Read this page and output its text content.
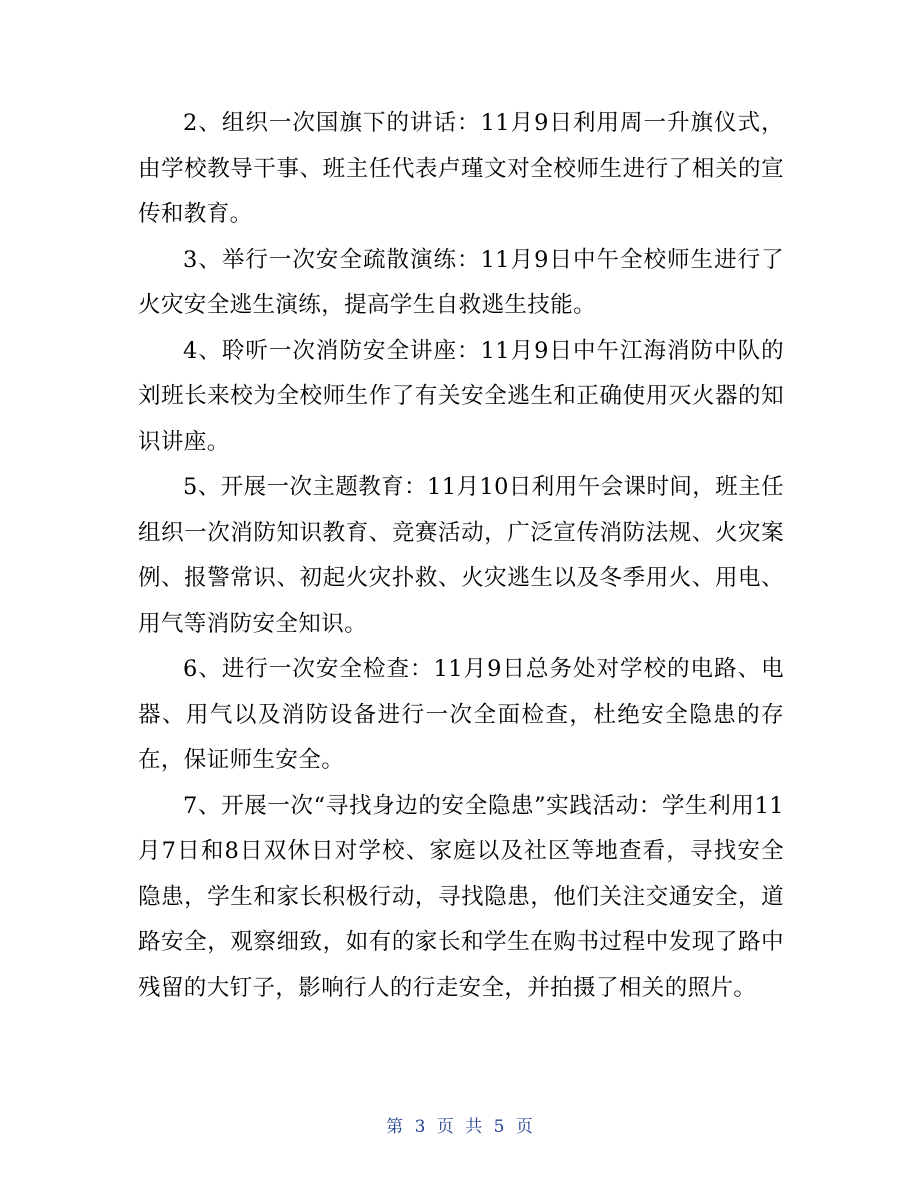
2、组织一次国旗下的讲话：11月9日利用周一升旗仪式，由学校教导干事、班主任代表卢瑾文对全校师生进行了相关的宣传和教育。

3、举行一次安全疏散演练：11月9日中午全校师生进行了火灾安全逃生演练，提高学生自救逃生技能。

4、聆听一次消防安全讲座：11月9日中午江海消防中队的刘班长来校为全校师生作了有关安全逃生和正确使用灭火器的知识讲座。

5、开展一次主题教育：11月10日利用午会课时间，班主任组织一次消防知识教育、竞赛活动，广泛宣传消防法规、火灾案例、报警常识、初起火灾扑救、火灾逃生以及冬季用火、用电、用气等消防安全知识。

6、进行一次安全检查：11月9日总务处对学校的电路、电器、用气以及消防设备进行一次全面检查，杜绝安全隐患的存在，保证师生安全。

7、开展一次“寻找身边的安全隐患”实践活动：学生利用11月7日和8日双休日对学校、家庭以及社区等地查看，寻找安全隐患，学生和家长积极行动，寻找隐患，他们关注交通安全，道路安全，观察细致，如有的家长和学生在购书过程中发现了路中残留的大钉子，影响行人的行走安全，并拍摄了相关的照片。

第 3 页 共 5 页
